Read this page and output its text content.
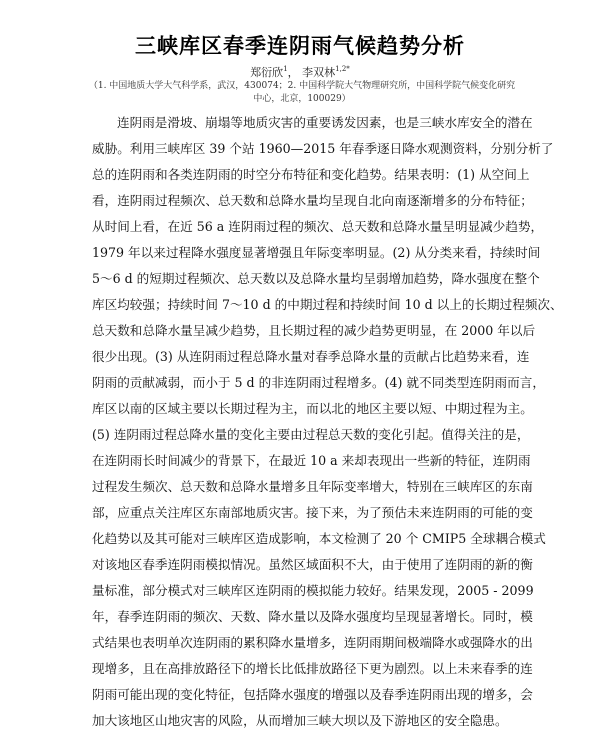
三峡库区春季连阴雨气候趋势分析
郑衍欣$^1$， 李双林$^{1,2*}$
（1. 中国地质大学大气科学系，武汉，430074；2. 中国科学院大气物理研究所，中国科学院气候变化研究
中心，北京，100029）
连阴雨是滑坡、崩塌等地质灾害的重要诱发因素，也是三峡水库安全的潜在
威胁。利用三峡库区 39 个站 1960—2015 年春季逐日降水观测资料，分别分析了
总的连阴雨和各类连阴雨的时空分布特征和变化趋势。结果表明：(1) 从空间上
看，连阴雨过程频次、总天数和总降水量均呈现自北向南逐渐增多的分布特征；
从时间上看，在近 56 a 连阴雨过程的频次、总天数和总降水量呈明显减少趋势，
1979 年以来过程降水强度显著增强且年际变率明显。(2) 从分类来看，持续时间
5～6 d 的短期过程频次、总天数以及总降水量均呈弱增加趋势，降水强度在整个
库区均较强；持续时间 7～10 d 的中期过程和持续时间 10 d 以上的长期过程频次、
总天数和总降水量呈减少趋势，且长期过程的减少趋势更明显，在 2000 年以后
很少出现。(3) 从连阴雨过程总降水量对春季总降水量的贡献占比趋势来看，连
阴雨的贡献减弱，而小于 5 d 的非连阴雨过程增多。(4) 就不同类型连阴雨而言，
库区以南的区域主要以长期过程为主，而以北的地区主要以短、中期过程为主。
(5) 连阴雨过程总降水量的变化主要由过程总天数的变化引起。值得关注的是，
在连阴雨长时间减少的背景下，在最近 10 a 来却表现出一些新的特征，连阴雨
过程发生频次、总天数和总降水量增多且年际变率增大，特别在三峡库区的东南
部，应重点关注库区东南部地质灾害。接下来，为了预估未来连阴雨的可能的变
化趋势以及其可能对三峡库区造成影响，本文检测了 20 个 CMIP5 全球耦合模式
对该地区春季连阴雨模拟情况。虽然区域面积不大，由于使用了连阴雨的新的衡
量标准，部分模式对三峡库区连阴雨的模拟能力较好。结果发现，2005 - 2099
年，春季连阴雨的频次、天数、降水量以及降水强度均呈现显著增长。同时，模
式结果也表明单次连阴雨的累积降水量增多，连阴雨期间极端降水或强降水的出
现增多，且在高排放路径下的增长比低排放路径下更为剧烈。以上未来春季的连
阴雨可能出现的变化特征，包括降水强度的增强以及春季连阴雨出现的增多，会
加大该地区山地灾害的风险，从而增加三峡大坝以及下游地区的安全隐患。
